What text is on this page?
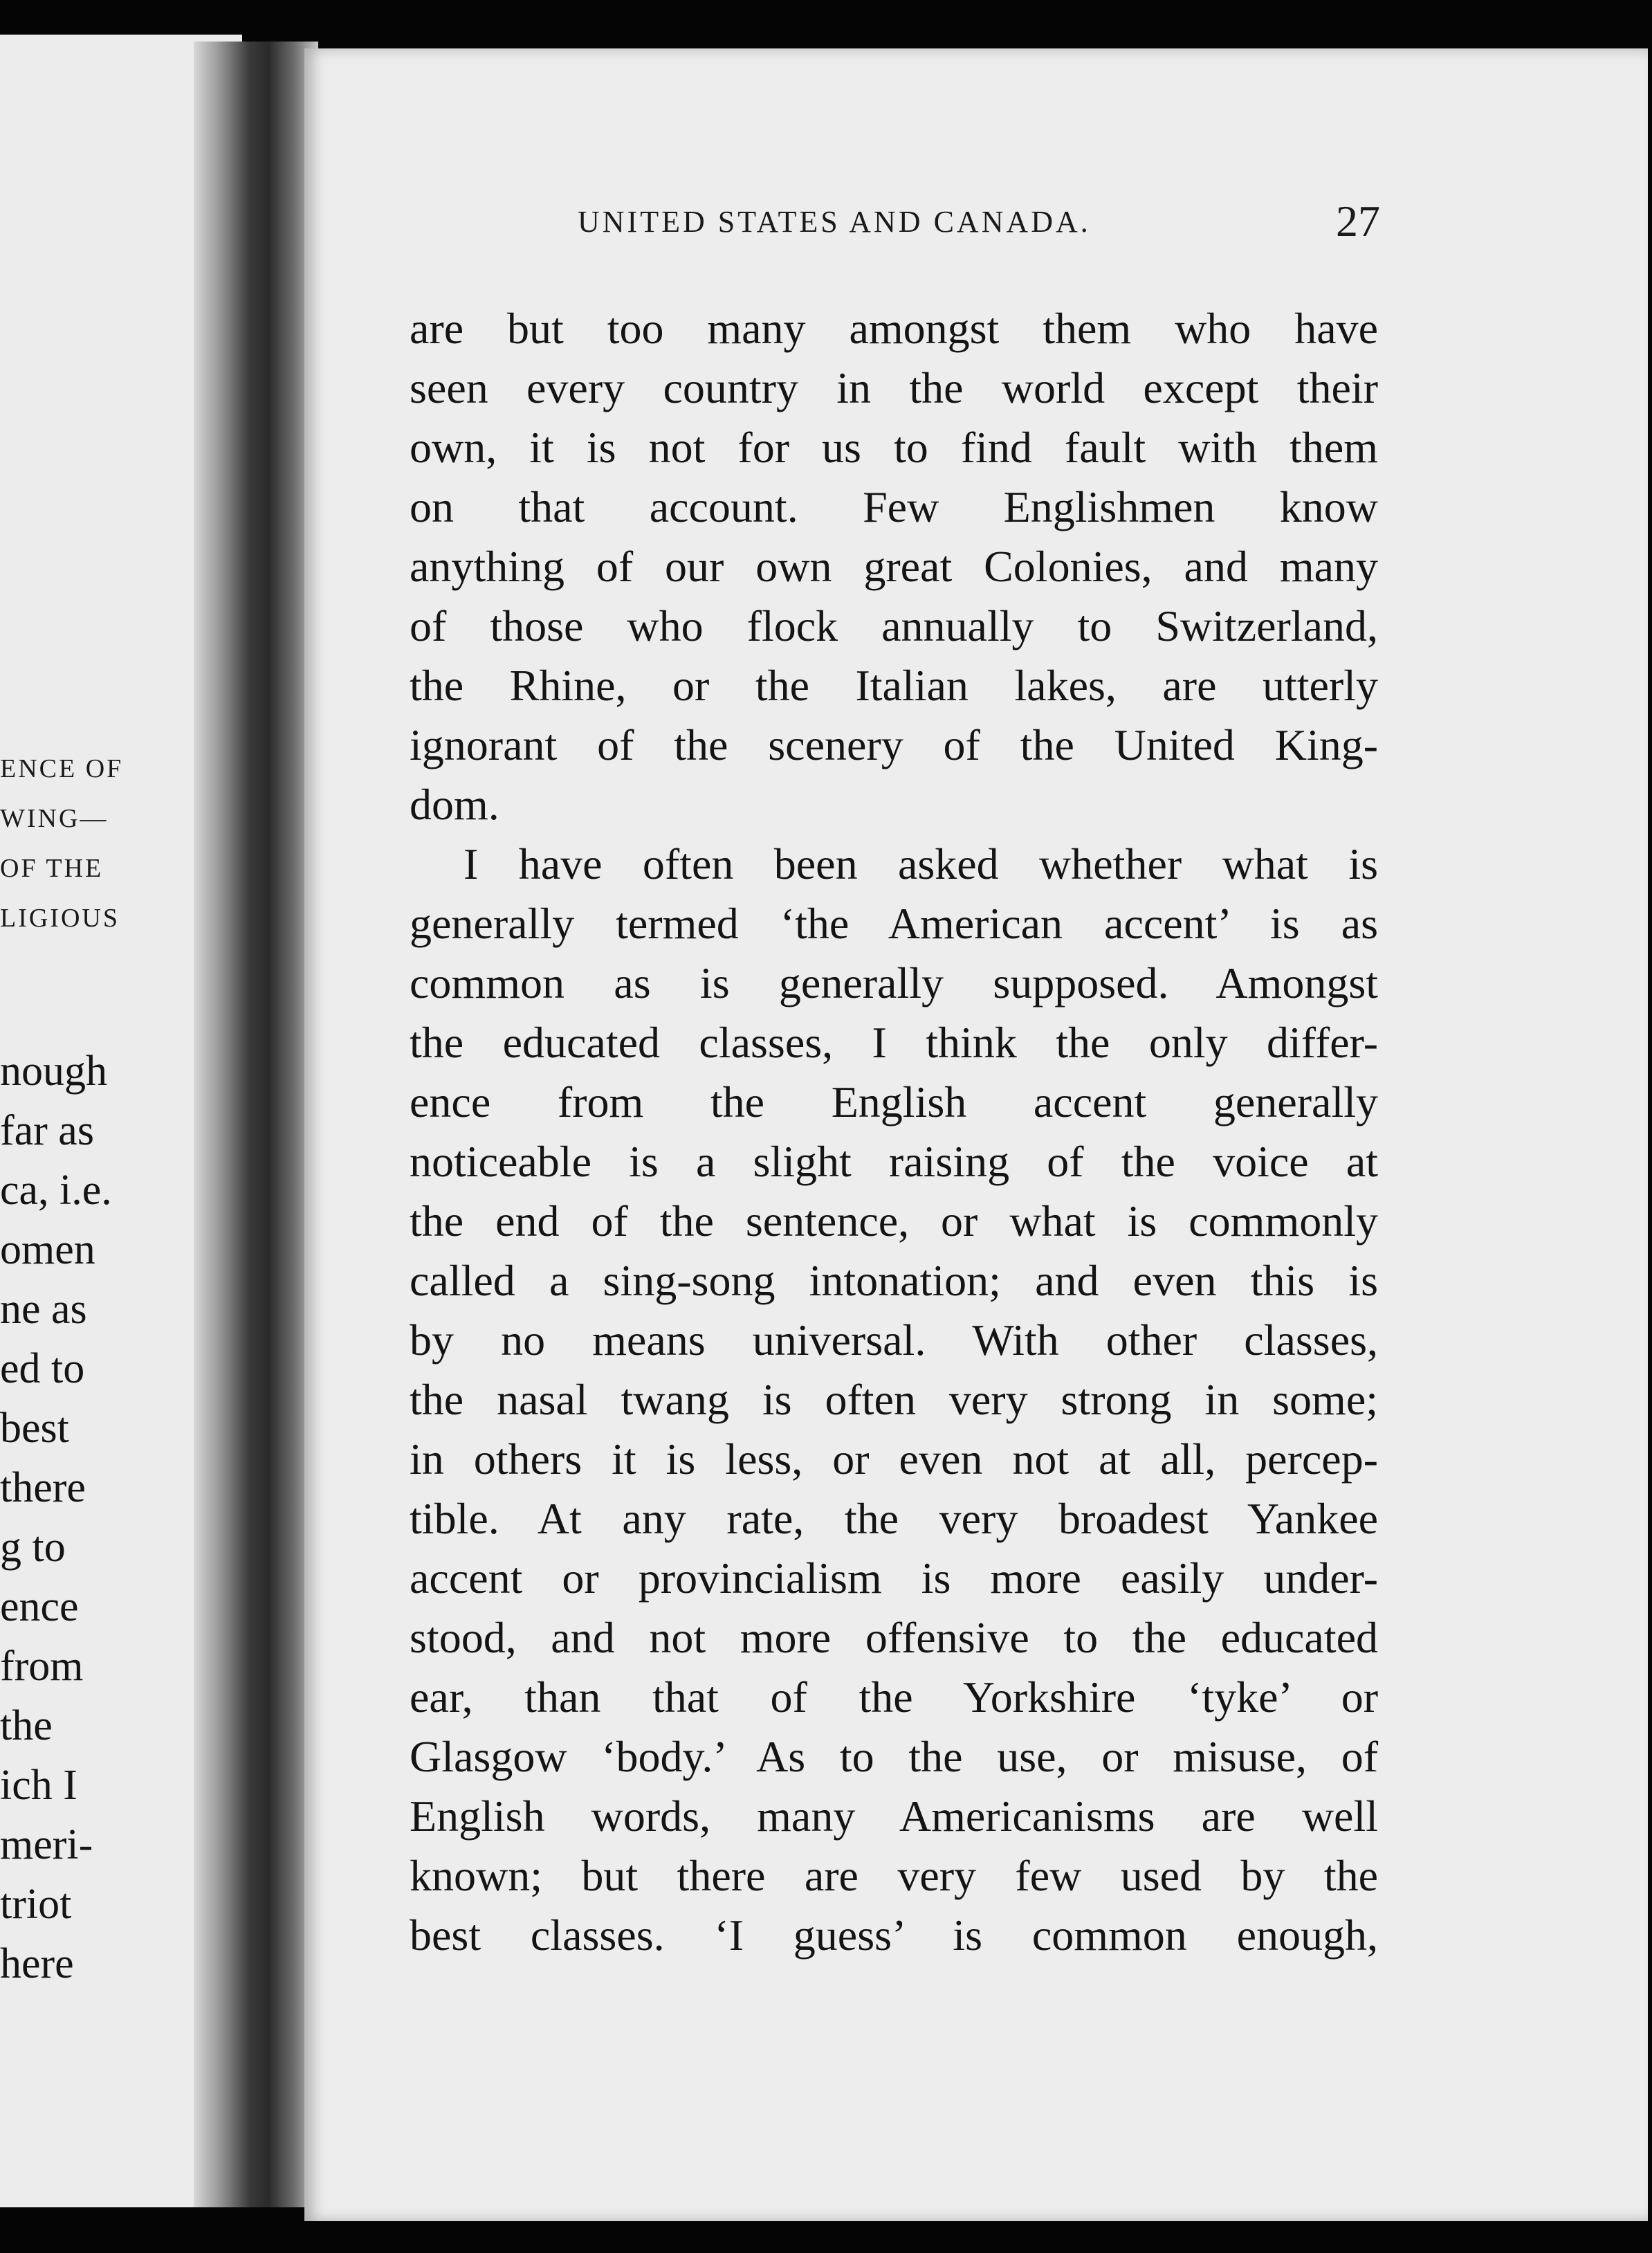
ENCE OF
WING—
OF THE
LIGIOUS
nough
far as
ca, i.e.
omen
ne as
ed to
best
there
g to
ence
from
the
ich I
meri-
triot
here
UNITED STATES AND CANADA.	27
are but too many amongst them who have
seen every country in the world except their
own, it is not for us to find fault with them
on that account. Few Englishmen know
anything of our own great Colonies, and many
of those who flock annually to Switzerland,
the Rhine, or the Italian lakes, are utterly
ignorant of the scenery of the United King-
dom.
I have often been asked whether what is
generally termed ‘the American accent’ is as
common as is generally supposed. Amongst
the educated classes, I think the only differ-
ence from the English accent generally
noticeable is a slight raising of the voice at
the end of the sentence, or what is commonly
called a sing-song intonation; and even this is
by no means universal. With other classes,
the nasal twang is often very strong in some;
in others it is less, or even not at all, percep-
tible. At any rate, the very broadest Yankee
accent or provincialism is more easily under-
stood, and not more offensive to the educated
ear, than that of the Yorkshire ‘tyke’ or
Glasgow ‘body.’ As to the use, or misuse, of
English words, many Americanisms are well
known; but there are very few used by the
best classes. ‘I guess’ is common enough,
